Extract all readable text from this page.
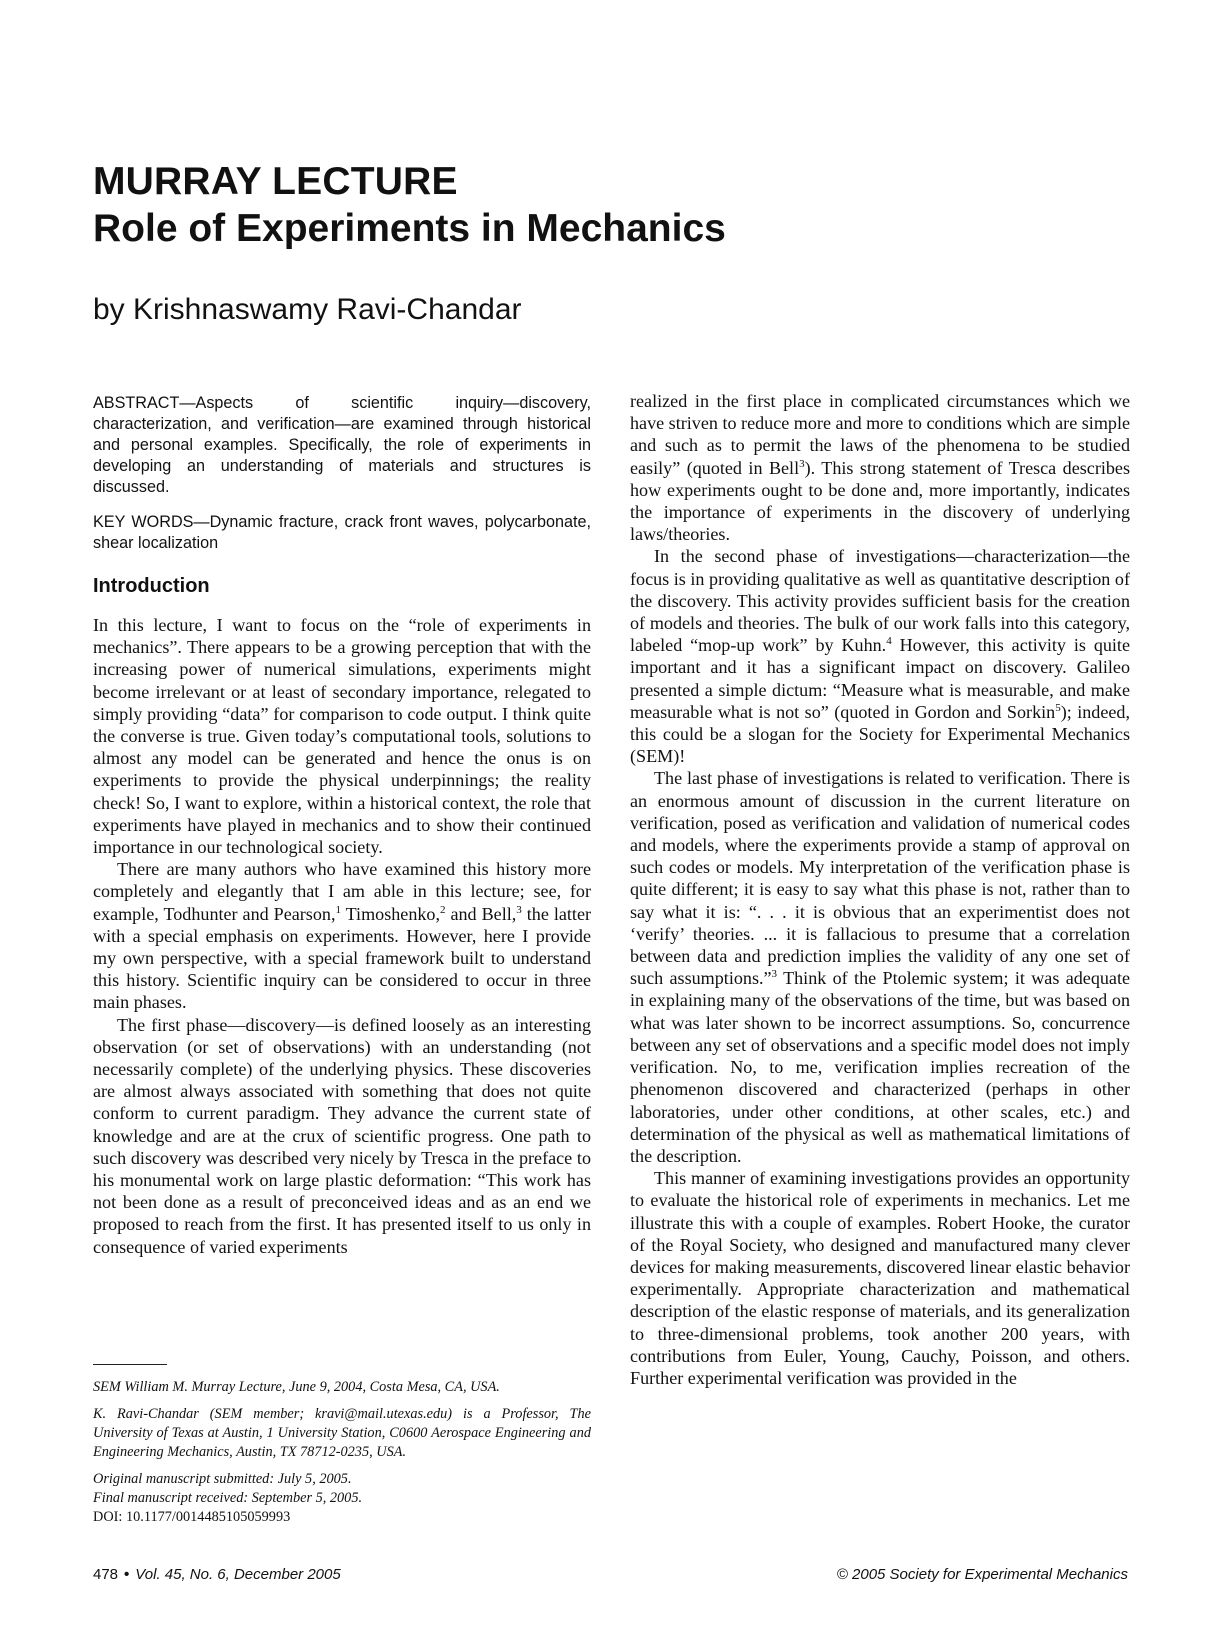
MURRAY LECTURE
Role of Experiments in Mechanics

by Krishnaswamy Ravi-Chandar

ABSTRACT—Aspects of scientific inquiry—discovery, characterization, and verification—are examined through historical and personal examples. Specifically, the role of experiments in developing an understanding of materials and structures is discussed.

KEY WORDS—Dynamic fracture, crack front waves, polycarbonate, shear localization

Introduction

In this lecture, I want to focus on the “role of experiments in mechanics”. There appears to be a growing perception that with the increasing power of numerical simulations, experiments might become irrelevant or at least of secondary importance, relegated to simply providing “data” for comparison to code output. I think quite the converse is true. Given today’s computational tools, solutions to almost any model can be generated and hence the onus is on experiments to provide the physical underpinnings; the reality check! So, I want to explore, within a historical context, the role that experiments have played in mechanics and to show their continued importance in our technological society.

There are many authors who have examined this history more completely and elegantly that I am able in this lecture; see, for example, Todhunter and Pearson,$^1$ Timoshenko,$^2$ and Bell,$^3$ the latter with a special emphasis on experiments. However, here I provide my own perspective, with a special framework built to understand this history. Scientific inquiry can be considered to occur in three main phases.

The first phase—discovery—is defined loosely as an interesting observation (or set of observations) with an understanding (not necessarily complete) of the underlying physics. These discoveries are almost always associated with something that does not quite conform to current paradigm. They advance the current state of knowledge and are at the crux of scientific progress. One path to such discovery was described very nicely by Tresca in the preface to his monumental work on large plastic deformation: “This work has not been done as a result of preconceived ideas and as an end we proposed to reach from the first. It has presented itself to us only in consequence of varied experiments

realized in the first place in complicated circumstances which we have striven to reduce more and more to conditions which are simple and such as to permit the laws of the phenomena to be studied easily” (quoted in Bell$^3$). This strong statement of Tresca describes how experiments ought to be done and, more importantly, indicates the importance of experiments in the discovery of underlying laws/theories.

In the second phase of investigations—characterization—the focus is in providing qualitative as well as quantitative description of the discovery. This activity provides sufficient basis for the creation of models and theories. The bulk of our work falls into this category, labeled “mop-up work” by Kuhn.$^4$ However, this activity is quite important and it has a significant impact on discovery. Galileo presented a simple dictum: “Measure what is measurable, and make measurable what is not so” (quoted in Gordon and Sorkin$^5$); indeed, this could be a slogan for the Society for Experimental Mechanics (SEM)!

The last phase of investigations is related to verification. There is an enormous amount of discussion in the current literature on verification, posed as verification and validation of numerical codes and models, where the experiments provide a stamp of approval on such codes or models. My interpretation of the verification phase is quite different; it is easy to say what this phase is not, rather than to say what it is: “. . . it is obvious that an experimentist does not ‘verify’ theories. ... it is fallacious to presume that a correlation between data and prediction implies the validity of any one set of such assumptions.”$^3$ Think of the Ptolemic system; it was adequate in explaining many of the observations of the time, but was based on what was later shown to be incorrect assumptions. So, concurrence between any set of observations and a specific model does not imply verification. No, to me, verification implies recreation of the phenomenon discovered and characterized (perhaps in other laboratories, under other conditions, at other scales, etc.) and determination of the physical as well as mathematical limitations of the description.

This manner of examining investigations provides an opportunity to evaluate the historical role of experiments in mechanics. Let me illustrate this with a couple of examples. Robert Hooke, the curator of the Royal Society, who designed and manufactured many clever devices for making measurements, discovered linear elastic behavior experimentally. Appropriate characterization and mathematical description of the elastic response of materials, and its generalization to three-dimensional problems, took another 200 years, with contributions from Euler, Young, Cauchy, Poisson, and others. Further experimental verification was provided in the

SEM William M. Murray Lecture, June 9, 2004, Costa Mesa, CA, USA.

K. Ravi-Chandar (SEM member; kravi@mail.utexas.edu) is a Professor, The University of Texas at Austin, 1 University Station, C0600 Aerospace Engineering and Engineering Mechanics, Austin, TX 78712-0235, USA.

Original manuscript submitted: July 5, 2005.

Final manuscript received: September 5, 2005.

DOI: 10.1177/0014485105059993

478 • Vol. 45, No. 6, December 2005	© 2005 Society for Experimental Mechanics
